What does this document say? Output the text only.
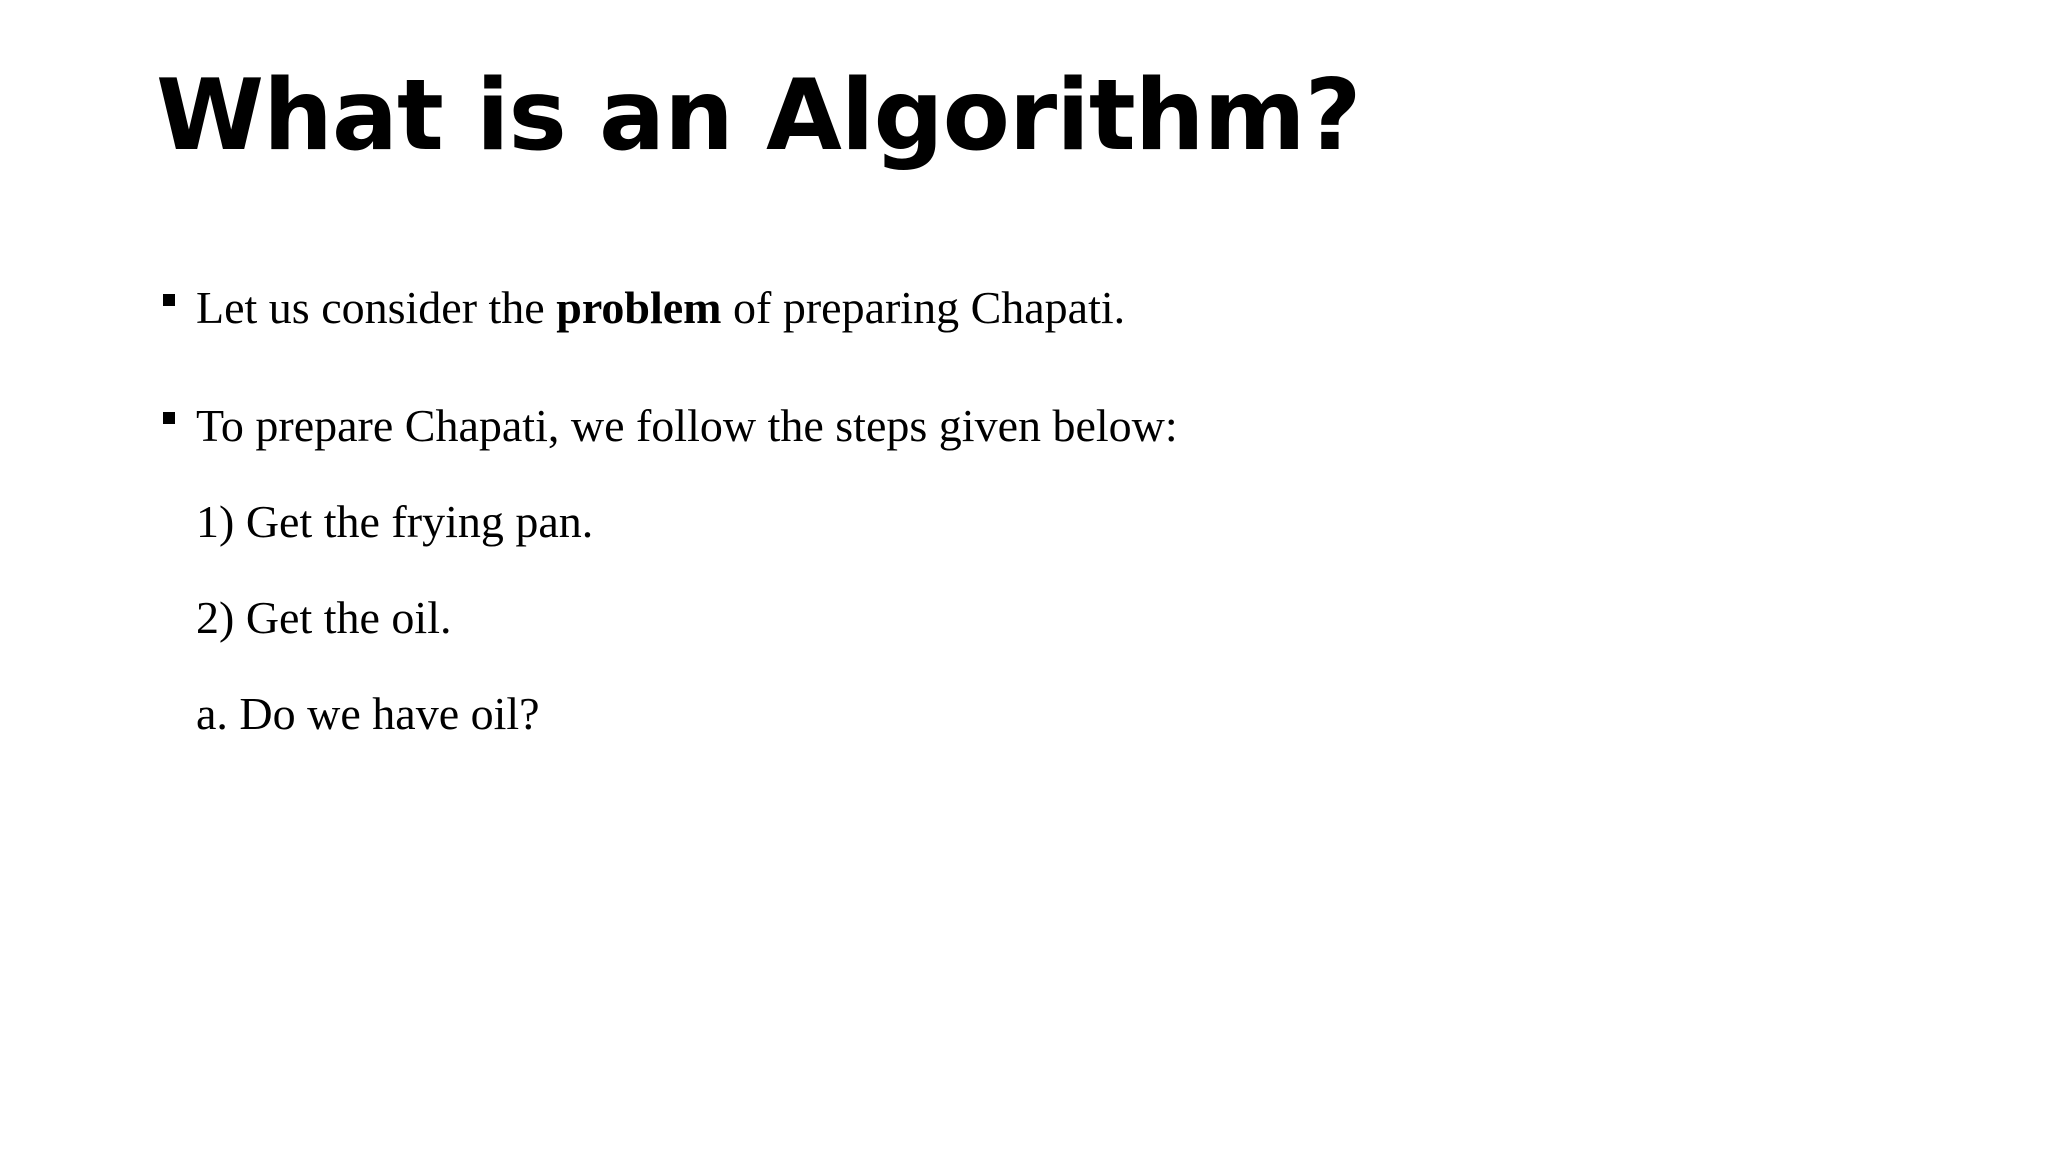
What is an Algorithm?
Let us consider the problem of preparing Chapati.
To prepare Chapati, we follow the steps given below:
1) Get the frying pan.
2) Get the oil.
a. Do we have oil?
